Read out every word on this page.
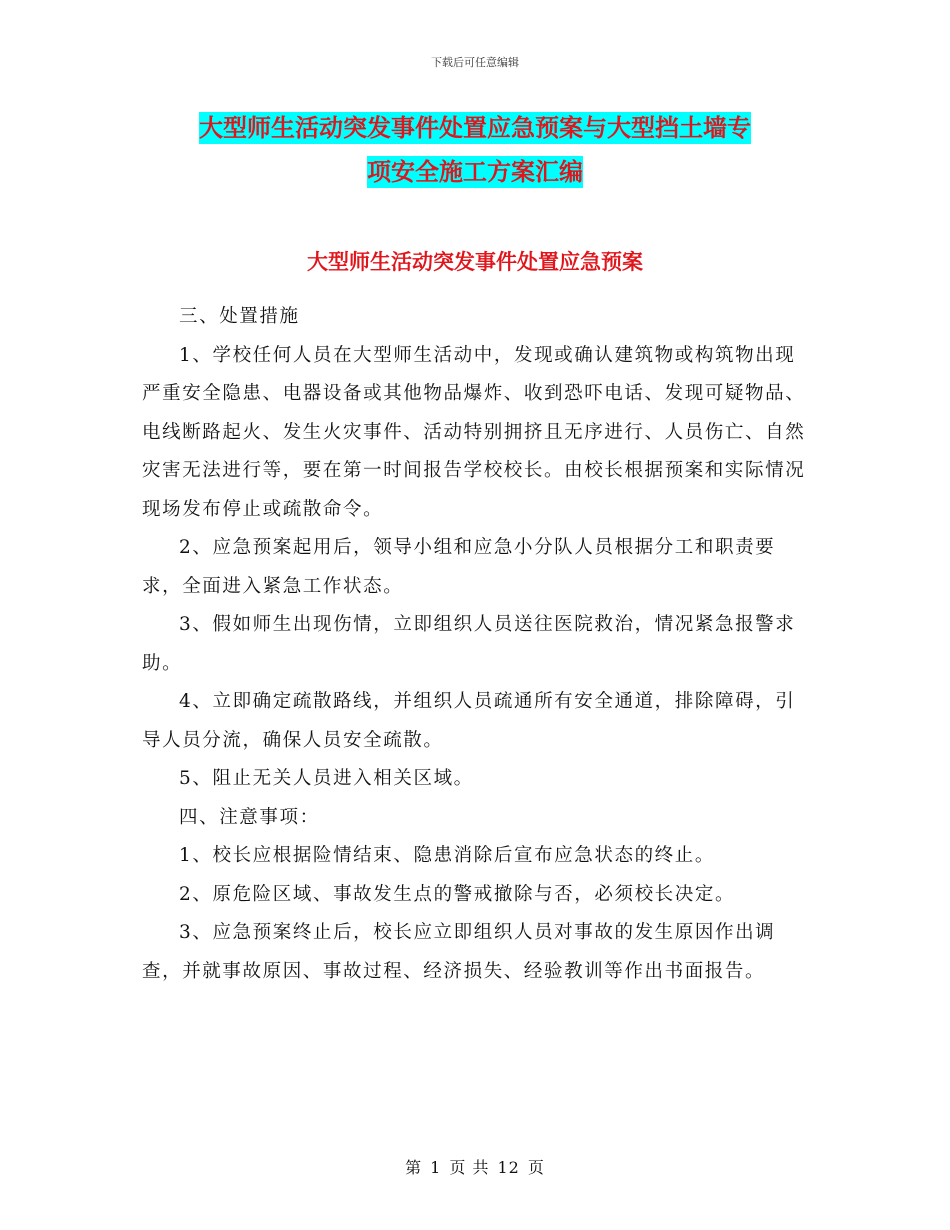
下载后可任意编辑
大型师生活动突发事件处置应急预案与大型挡土墙专
项安全施工方案汇编
大型师生活动突发事件处置应急预案

三、处置措施

1、学校任何人员在大型师生活动中，发现或确认建筑物或构筑物出现严重安全隐患、电器设备或其他物品爆炸、收到恐吓电话、发现可疑物品、电线断路起火、发生火灾事件、活动特别拥挤且无序进行、人员伤亡、自然灾害无法进行等，要在第一时间报告学校校长。由校长根据预案和实际情况现场发布停止或疏散命令。

2、应急预案起用后，领导小组和应急小分队人员根据分工和职责要求，全面进入紧急工作状态。

3、假如师生出现伤情，立即组织人员送往医院救治，情况紧急报警求助。

4、立即确定疏散路线，并组织人员疏通所有安全通道，排除障碍，引导人员分流，确保人员安全疏散。

5、阻止无关人员进入相关区域。

四、注意事项：

1、校长应根据险情结束、隐患消除后宣布应急状态的终止。

2、原危险区域、事故发生点的警戒撤除与否，必须校长决定。

3、应急预案终止后，校长应立即组织人员对事故的发生原因作出调查，并就事故原因、事故过程、经济损失、经验教训等作出书面报告。

第 1 页 共 12 页
